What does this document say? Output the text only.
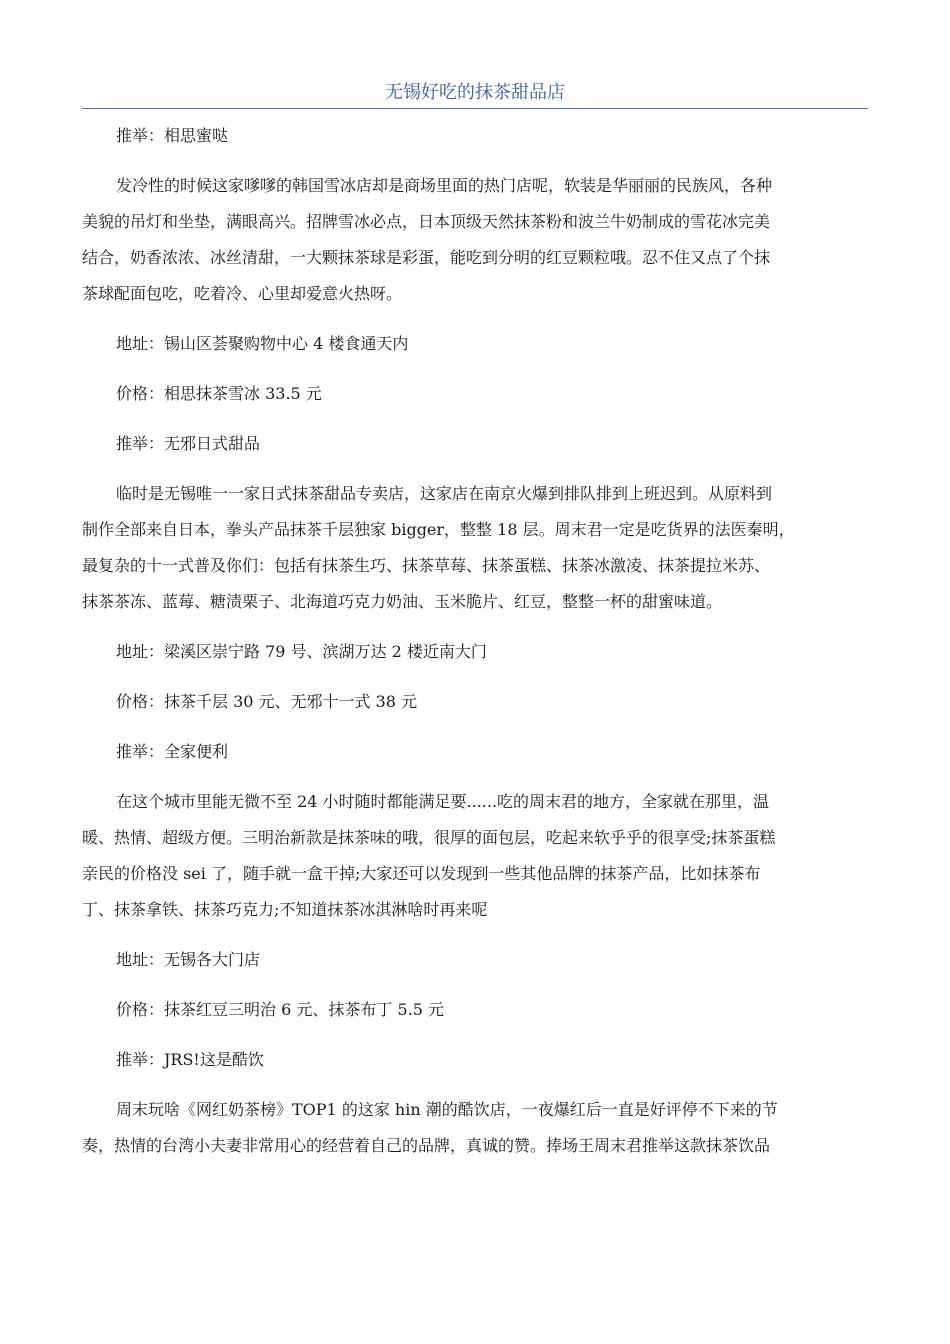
无锡好吃的抹茶甜品店

推举：相思蜜哒

发冷性的时候这家嗲嗲的韩国雪冰店却是商场里面的热门店呢，软装是华丽丽的民族风，各种

美貌的吊灯和坐垫，满眼高兴。招牌雪冰必点，日本顶级天然抹茶粉和波兰牛奶制成的雪花冰完美

结合，奶香浓浓、冰丝清甜，一大颗抹茶球是彩蛋，能吃到分明的红豆颗粒哦。忍不住又点了个抹

茶球配面包吃，吃着冷、心里却爱意火热呀。

地址：锡山区荟聚购物中心 4 楼食通天内

价格：相思抹茶雪冰 33.5 元

推举：无邪日式甜品

临时是无锡唯一一家日式抹茶甜品专卖店，这家店在南京火爆到排队排到上班迟到。从原料到

制作全部来自日本，拳头产品抹茶千层独家 bigger，整整 18 层。周末君一定是吃货界的法医秦明，

最复杂的十一式普及你们：包括有抹茶生巧、抹茶草莓、抹茶蛋糕、抹茶冰激凌、抹茶提拉米苏、

抹茶茶冻、蓝莓、糖渍栗子、北海道巧克力奶油、玉米脆片、红豆，整整一杯的甜蜜味道。

地址：梁溪区崇宁路 79 号、滨湖万达 2 楼近南大门

价格：抹茶千层 30 元、无邪十一式 38 元

推举：全家便利

在这个城市里能无微不至 24 小时随时都能满足要......吃的周末君的地方，全家就在那里，温

暖、热情、超级方便。三明治新款是抹茶味的哦，很厚的面包层，吃起来软乎乎的很享受;抹茶蛋糕

亲民的价格没 sei 了，随手就一盒干掉;大家还可以发现到一些其他品牌的抹茶产品，比如抹茶布

丁、抹茶拿铁、抹茶巧克力;不知道抹茶冰淇淋啥时再来呢

地址：无锡各大门店

价格：抹茶红豆三明治 6 元、抹茶布丁 5.5 元

推举：JRS!这是酷饮

周末玩啥《网红奶茶榜》TOP1 的这家 hin 潮的酷饮店，一夜爆红后一直是好评停不下来的节

奏，热情的台湾小夫妻非常用心的经营着自己的品牌，真诚的赞。捧场王周末君推举这款抹茶饮品
